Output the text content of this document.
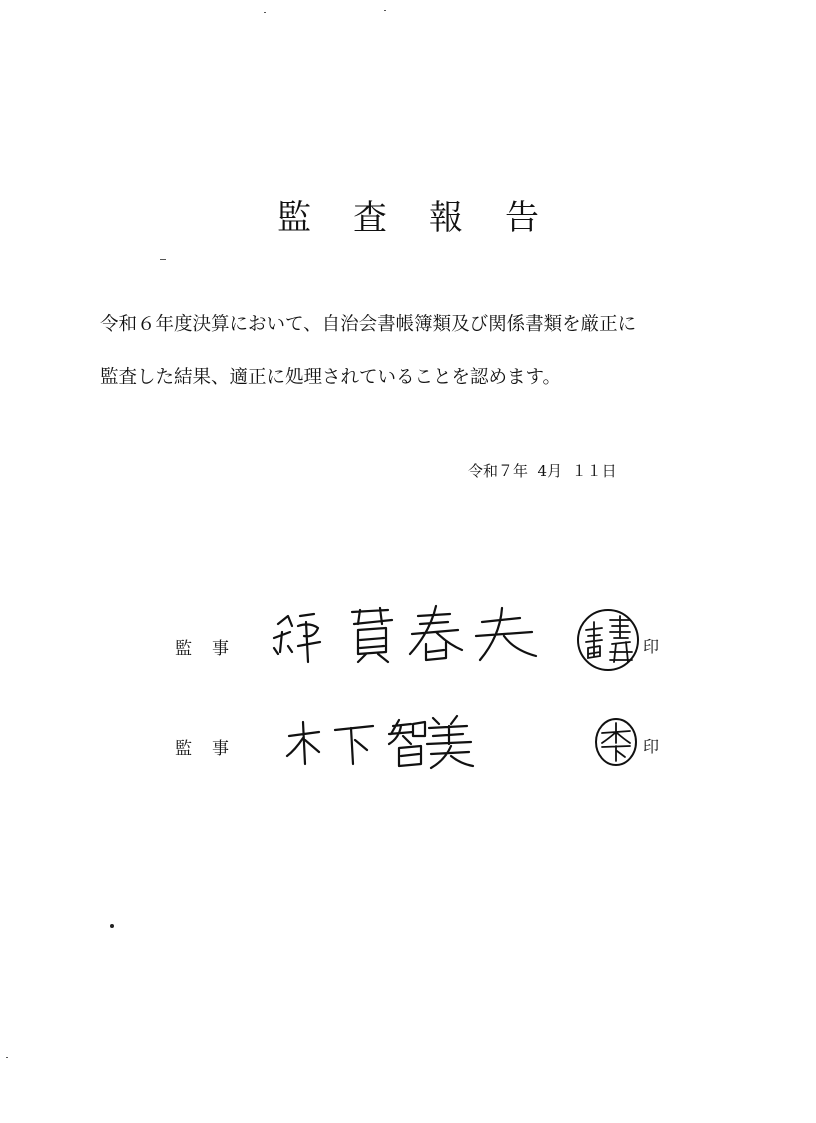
監査報告
令和６年度決算において、自治会書帳簿類及び関係書類を厳正に
監査した結果、適正に処理されていることを認めます。
令和７年  4月  １１日
監事	印
監事	印
